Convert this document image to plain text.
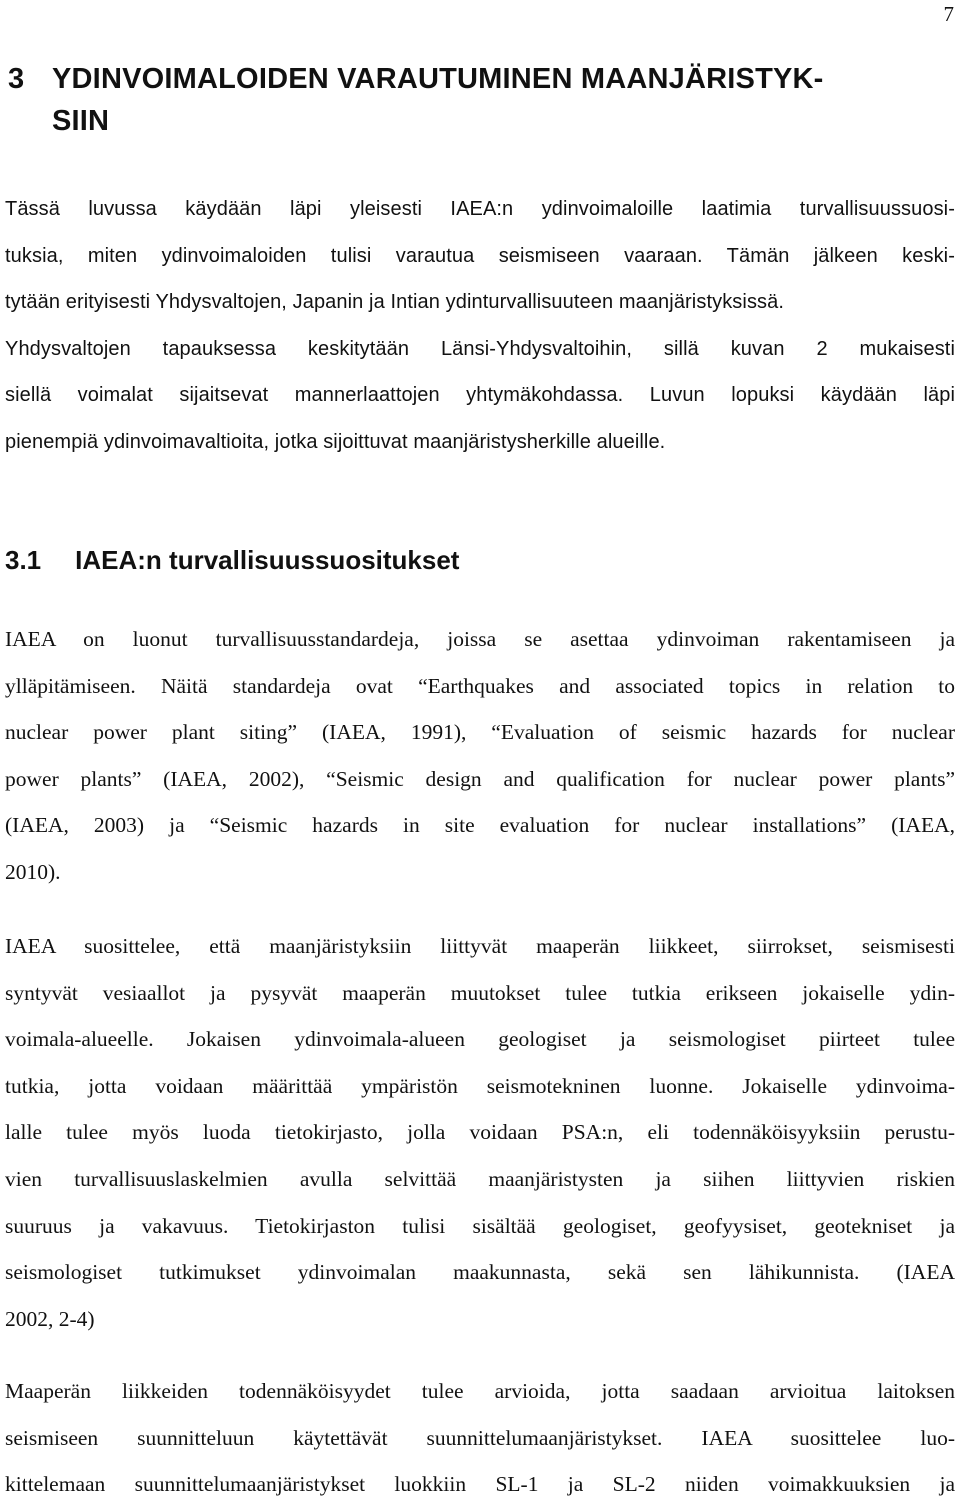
7
3 YDINVOIMALOIDEN VARAUTUMINEN MAANJÄRISTYK-
SIIN

Tässä luvussa käydään läpi yleisesti IAEA:n ydinvoimaloille laatimia turvallisuussuosi-
tuksia, miten ydinvoimaloiden tulisi varautua seismiseen vaaraan. Tämän jälkeen keski-
tytään erityisesti Yhdysvaltojen, Japanin ja Intian ydinturvallisuuteen maanjäristyksissä.
Yhdysvaltojen tapauksessa keskitytään Länsi-Yhdysvaltoihin, sillä kuvan 2 mukaisesti
siellä voimalat sijaitsevat mannerlaattojen yhtymäkohdassa. Luvun lopuksi käydään läpi
pienempiä ydinvoimavaltioita, jotka sijoittuvat maanjäristysherkille alueille.

3.1 IAEA:n turvallisuussuositukset

IAEA on luonut turvallisuusstandardeja, joissa se asettaa ydinvoiman rakentamiseen ja
ylläpitämiseen. Näitä standardeja ovat “Earthquakes and associated topics in relation to
nuclear power plant siting” (IAEA, 1991), “Evaluation of seismic hazards for nuclear
power plants” (IAEA, 2002), “Seismic design and qualification for nuclear power plants”
(IAEA, 2003) ja “Seismic hazards in site evaluation for nuclear installations” (IAEA,
2010).

IAEA suosittelee, että maanjäristyksiin liittyvät maaperän liikkeet, siirrokset, seismisesti
syntyvät vesiaallot ja pysyvät maaperän muutokset tulee tutkia erikseen jokaiselle ydin-
voimala-alueelle. Jokaisen ydinvoimala-alueen geologiset ja seismologiset piirteet tulee
tutkia, jotta voidaan määrittää ympäristön seismotekninen luonne. Jokaiselle ydinvoima-
lalle tulee myös luoda tietokirjasto, jolla voidaan PSA:n, eli todennäköisyyksiin perustu-
vien turvallisuuslaskelmien avulla selvittää maanjäristysten ja siihen liittyvien riskien
suuruus ja vakavuus. Tietokirjaston tulisi sisältää geologiset, geofyysiset, geotekniset ja
seismologiset tutkimukset ydinvoimalan maakunnasta, sekä sen lähikunnista. (IAEA
2002, 2-4)

Maaperän liikkeiden todennäköisyydet tulee arvioida, jotta saadaan arvioitua laitoksen
seismiseen suunnitteluun käytettävät suunnittelumaanjäristykset. IAEA suosittelee luo-
kittelemaan suunnittelumaanjäristykset luokkiin SL-1 ja SL-2 niiden voimakkuuksien ja
